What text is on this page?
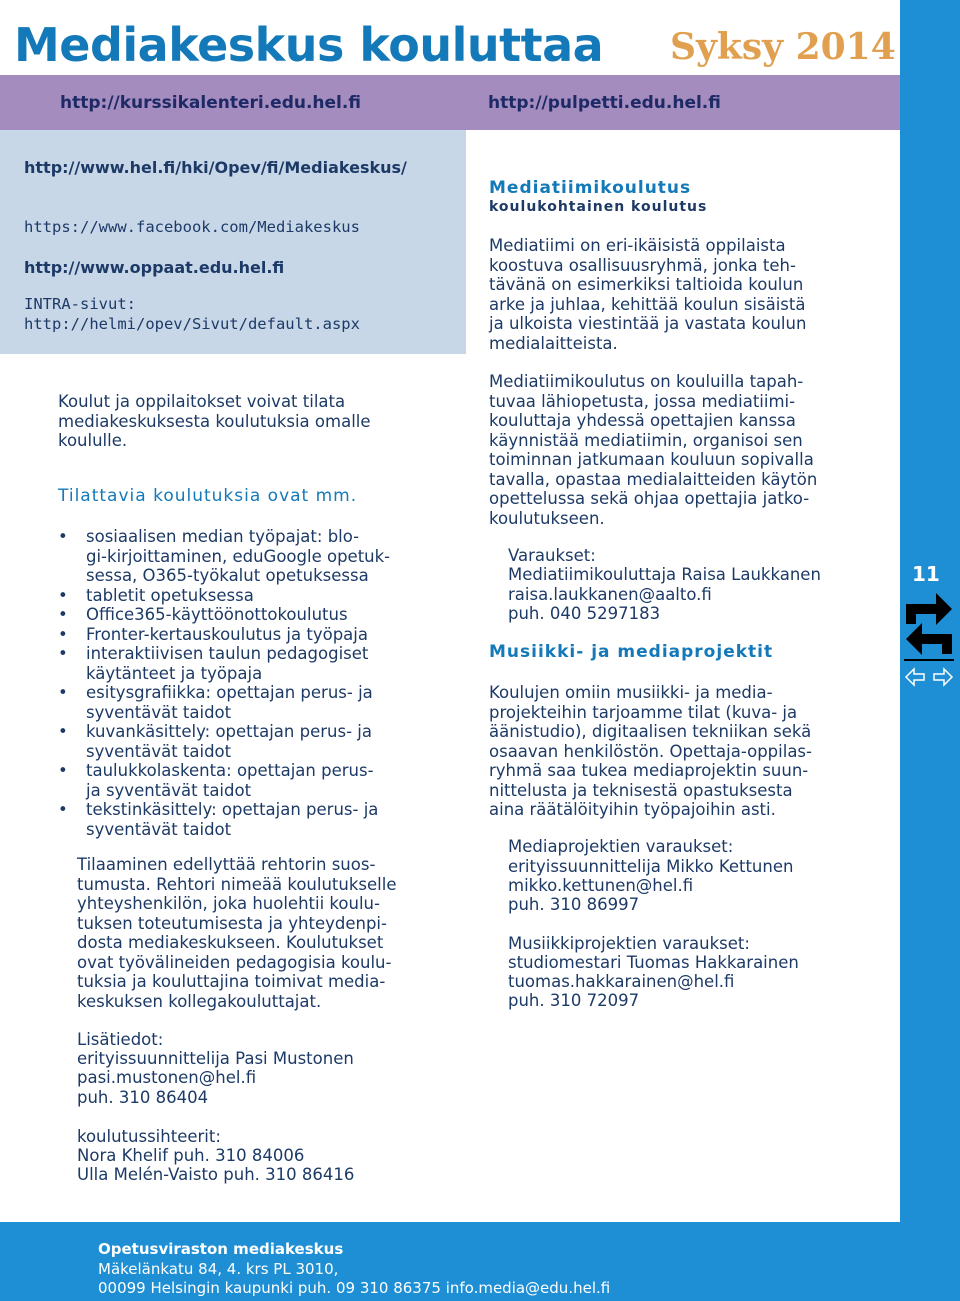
Mediakeskus kouluttaa Syksy 2014
http://kurssikalenteri.edu.hel.fi	http://pulpetti.edu.hel.fi
11
http://www.hel.fi/hki/Opev/fi/Mediakeskus/
https://www.facebook.com/Mediakeskus
http://www.oppaat.edu.hel.fi
INTRA-sivut:
http://helmi/opev/Sivut/default.aspx
Koulut ja oppilaitokset voivat tilata
mediakeskuksesta koulutuksia omalle
koululle.
Tilattavia koulutuksia ovat mm.
• sosiaalisen median työpajat: blo-
gi-kirjoittaminen, eduGoogle opetuk-
sessa, O365-työkalut opetuksessa
• tabletit opetuksessa
• Office365-käyttöönottokoulutus
• Fronter-kertauskoulutus ja työpaja
• interaktiivisen taulun pedagogiset
käytänteet ja työpaja
• esitysgrafiikka: opettajan perus- ja
syventävät taidot
• kuvankäsittely: opettajan perus- ja
syventävät taidot
• taulukkolaskenta: opettajan perus-
ja syventävät taidot
• tekstinkäsittely: opettajan perus- ja
syventävät taidot
Tilaaminen edellyttää rehtorin suos-
tumusta. Rehtori nimeää koulutukselle
yhteyshenkilön, joka huolehtii koulu-
tuksen toteutumisesta ja yhteydenpi-
dosta mediakeskukseen. Koulutukset
ovat työvälineiden pedagogisia koulu-
tuksia ja kouluttajina toimivat media-
keskuksen kollegakouluttajat.
Lisätiedot:
erityissuunnittelija Pasi Mustonen
pasi.mustonen@hel.fi
puh. 310 86404
koulutussihteerit:
Nora Khelif puh. 310 84006
Ulla Melén-Vaisto puh. 310 86416
Mediatiimikoulutus
koulukohtainen koulutus
Mediatiimi on eri-ikäisistä oppilaista
koostuva osallisuusryhmä, jonka teh-
tävänä on esimerkiksi taltioida koulun
arke ja juhlaa, kehittää koulun sisäistä
ja ulkoista viestintää ja vastata koulun
medialaitteista.
Mediatiimikoulutus on kouluilla tapah-
tuvaa lähiopetusta, jossa mediatiimi-
kouluttaja yhdessä opettajien kanssa
käynnistää mediatiimin, organisoi sen
toiminnan jatkumaan kouluun sopivalla
tavalla, opastaa medialaitteiden käytön
opettelussa sekä ohjaa opettajia jatko-
koulutukseen.
Varaukset:
Mediatiimikouluttaja Raisa Laukkanen
raisa.laukkanen@aalto.fi
puh. 040 5297183
Musiikki- ja mediaprojektit
Koulujen omiin musiikki- ja media-
projekteihin tarjoamme tilat (kuva- ja
äänistudio), digitaalisen tekniikan sekä
osaavan henkilöstön. Opettaja-oppilas-
ryhmä saa tukea mediaprojektin suun-
nittelusta ja teknisestä opastuksesta
aina räätälöityihin työpajoihin asti.
Mediaprojektien varaukset:
erityissuunnittelija Mikko Kettunen
mikko.kettunen@hel.fi
puh. 310 86997
Musiikkiprojektien varaukset:
studiomestari Tuomas Hakkarainen
tuomas.hakkarainen@hel.fi
puh. 310 72097
Opetusviraston mediakeskus
Mäkelänkatu 84, 4. krs PL 3010,
00099 Helsingin kaupunki puh. 09 310 86375 info.media@edu.hel.fi
